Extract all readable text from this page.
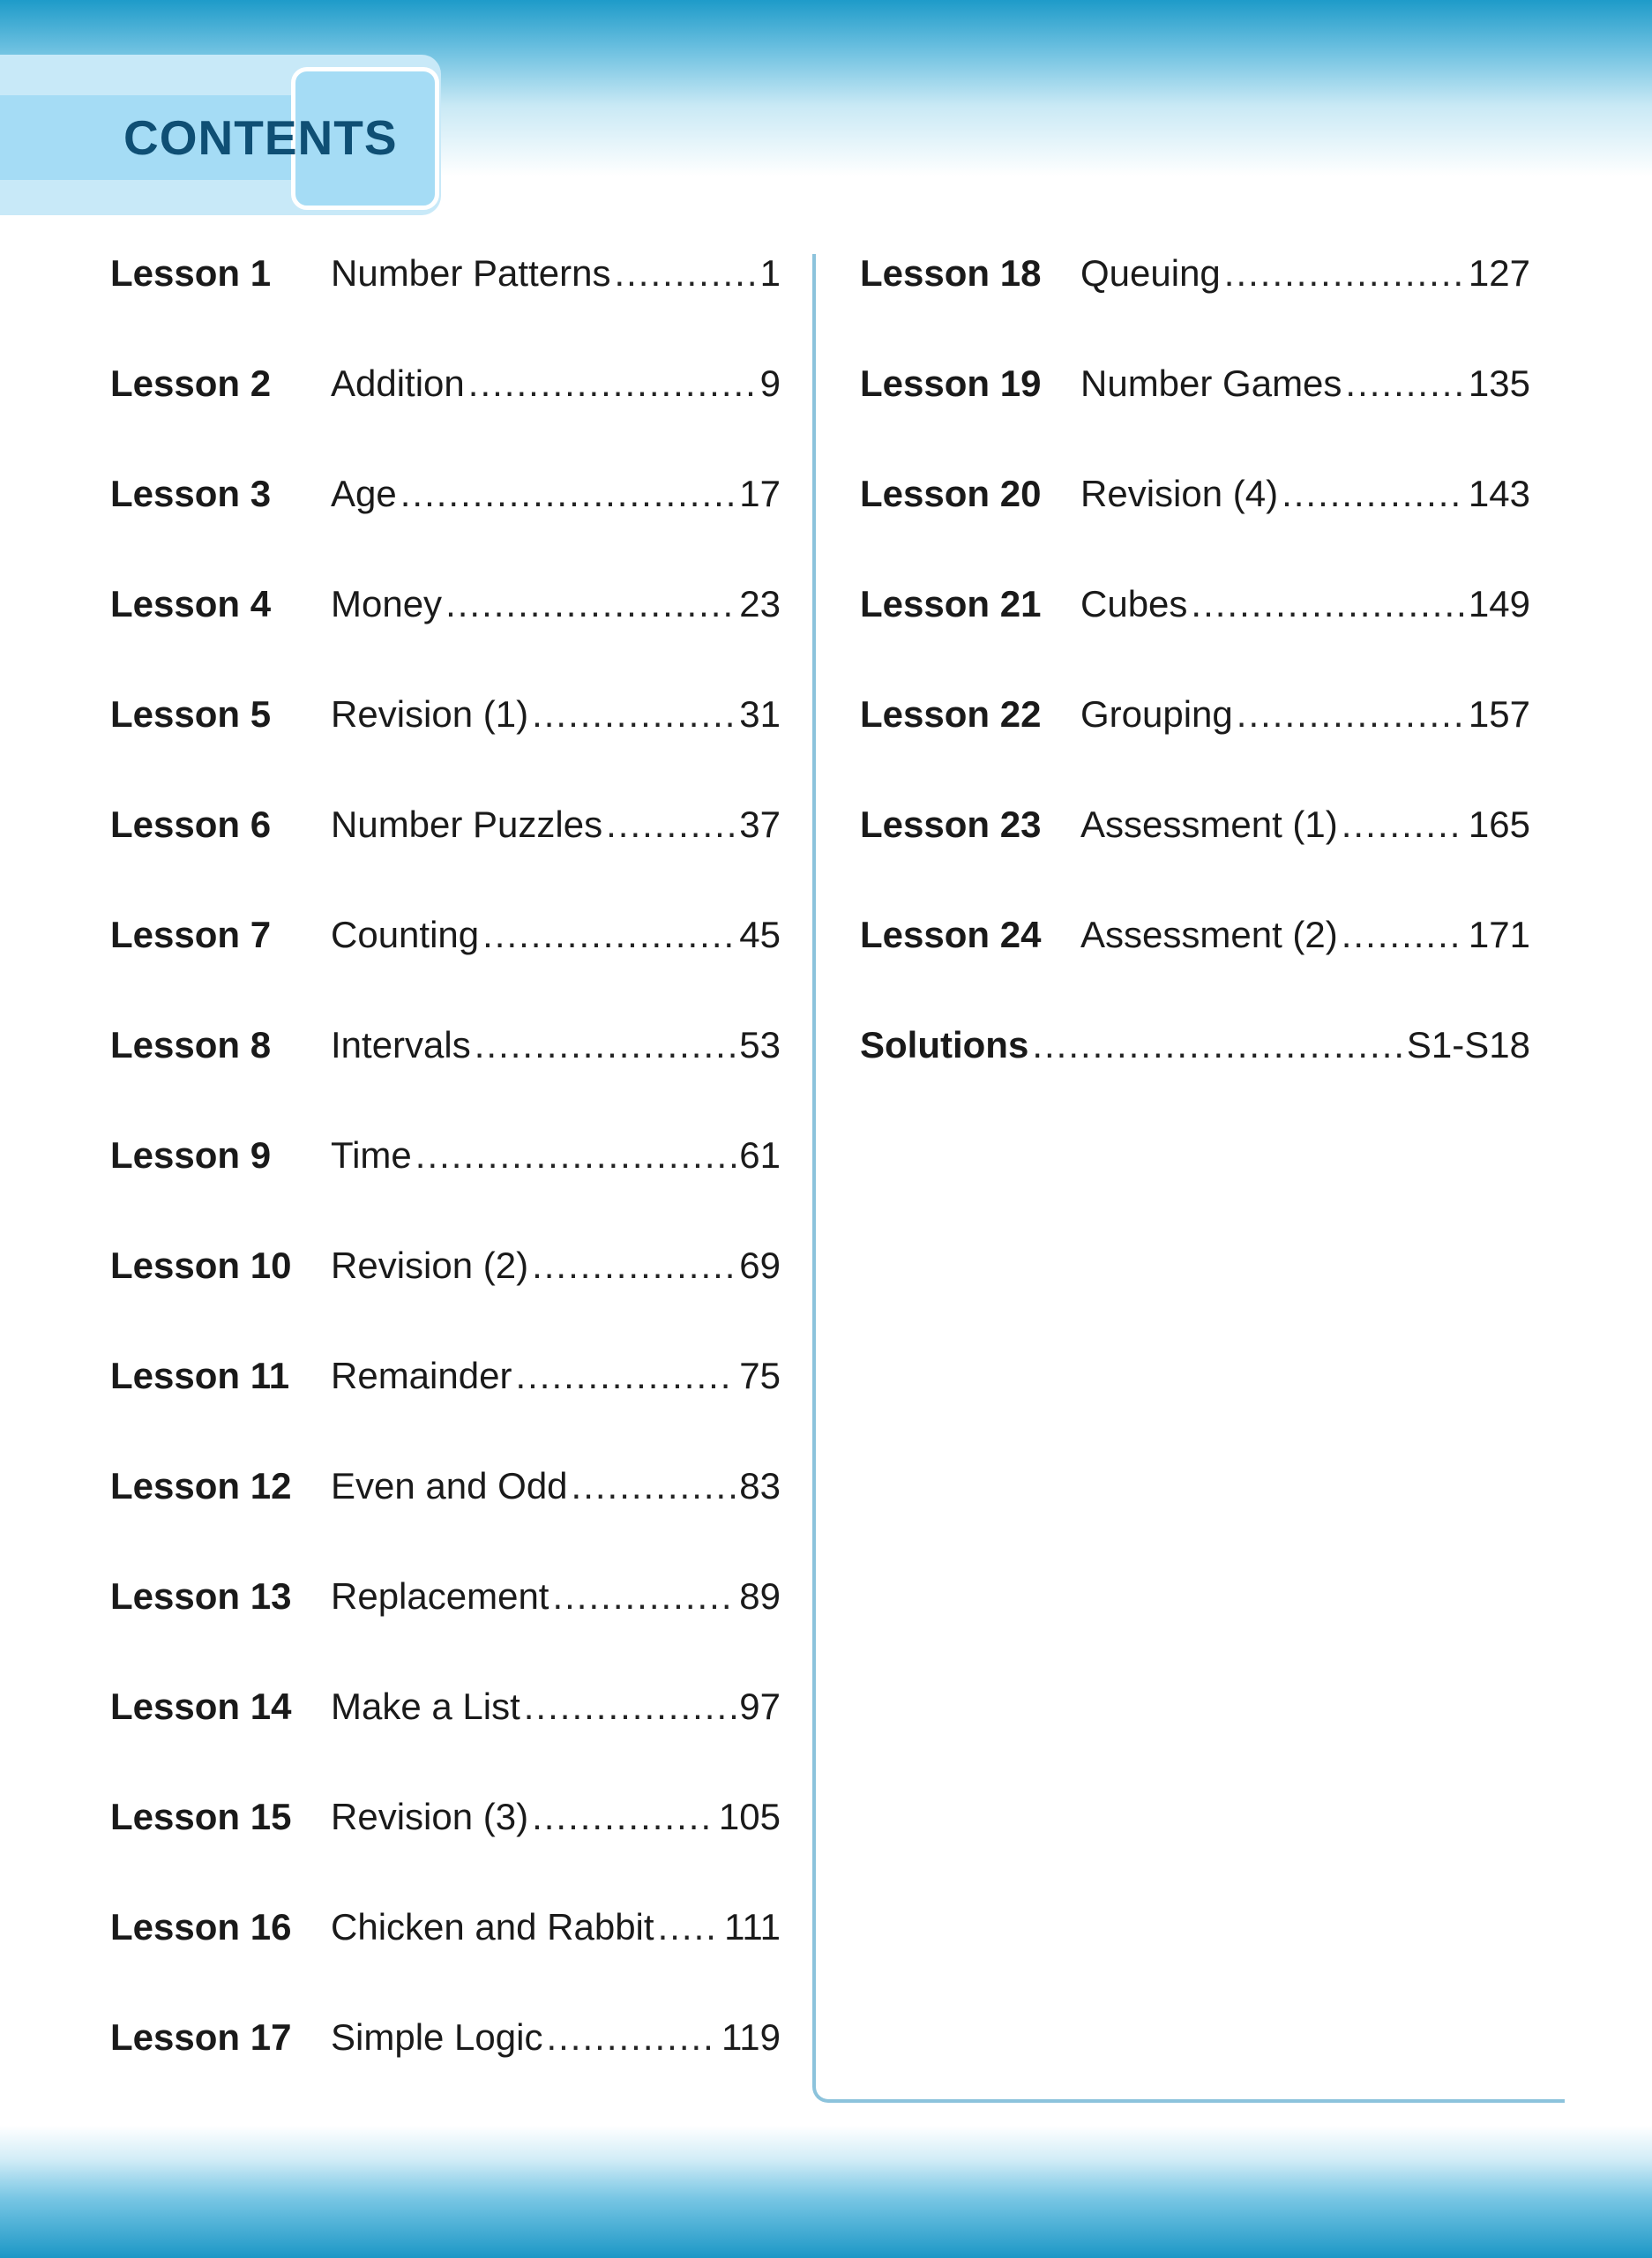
CONTENTS
Lesson 1	Number Patterns .....	1
Lesson 2	Addition .....	9
Lesson 3	Age .....	17
Lesson 4	Money .....	23
Lesson 5	Revision (1) .....	31
Lesson 6	Number Puzzles .....	37
Lesson 7	Counting .....	45
Lesson 8	Intervals .....	53
Lesson 9	Time .....	61
Lesson 10	Revision (2) .....	69
Lesson 11	Remainder .....	75
Lesson 12	Even and Odd .....	83
Lesson 13	Replacement .....	89
Lesson 14	Make a List .....	97
Lesson 15	Revision (3) .....	105
Lesson 16	Chicken and Rabbit ..... 111
Lesson 17	Simple Logic .....	119
Lesson 18	Queuing .....	127
Lesson 19	Number Games .....	135
Lesson 20	Revision (4) .....	143
Lesson 21	Cubes .....	149
Lesson 22	Grouping .....	157
Lesson 23	Assessment (1) .....	165
Lesson 24	Assessment (2) .....	171
Solutions .....	S1-S18
